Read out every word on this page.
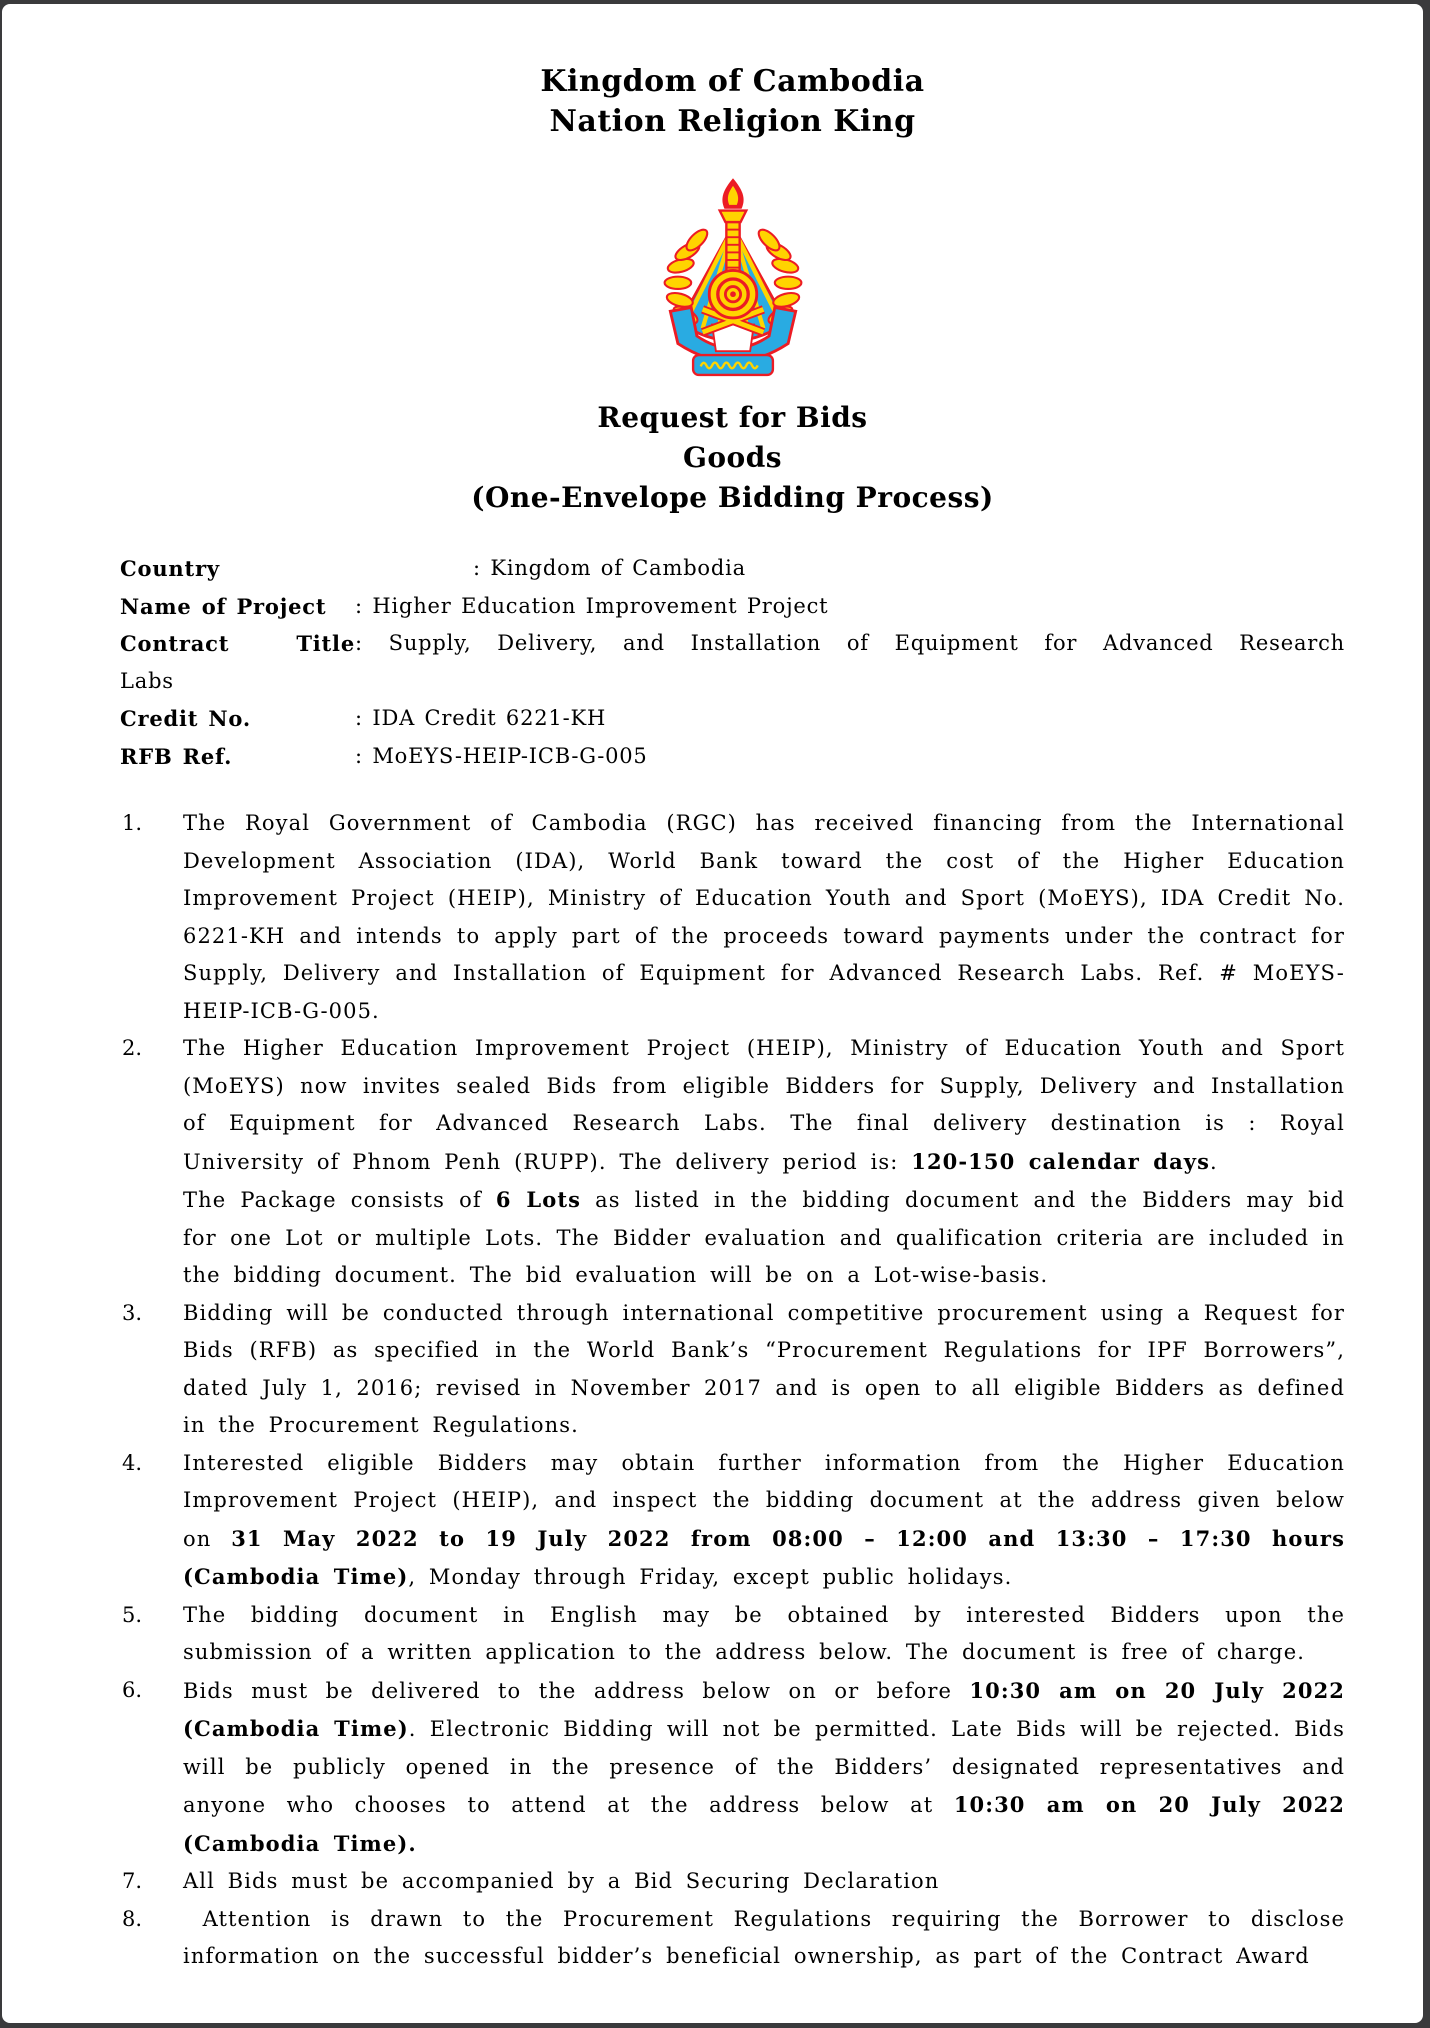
Kingdom of Cambodia
Nation Religion King
Request for Bids
Goods
(One-Envelope Bidding Process)
Country	: Kingdom of Cambodia
Name of Project : Higher Education Improvement Project
Contract Title: Supply, Delivery, and Installation of Equipment for Advanced Research
Labs
Credit No.	: IDA Credit 6221-KH
RFB Ref.	: MoEYS-HEIP-ICB-G-005
1. The Royal Government of Cambodia (RGC) has received financing from the International Development Association (IDA), World Bank toward the cost of the Higher Education Improvement Project (HEIP), Ministry of Education Youth and Sport (MoEYS), IDA Credit No. 6221-KH and intends to apply part of the proceeds toward payments under the contract for Supply, Delivery and Installation of Equipment for Advanced Research Labs. Ref. # MoEYS-HEIP-ICB-G-005.
2. The Higher Education Improvement Project (HEIP), Ministry of Education Youth and Sport (MoEYS) now invites sealed Bids from eligible Bidders for Supply, Delivery and Installation of Equipment for Advanced Research Labs. The final delivery destination is : Royal University of Phnom Penh (RUPP). The delivery period is: 120-150 calendar days.
The Package consists of 6 Lots as listed in the bidding document and the Bidders may bid for one Lot or multiple Lots. The Bidder evaluation and qualification criteria are included in the bidding document. The bid evaluation will be on a Lot-wise-basis.
3. Bidding will be conducted through international competitive procurement using a Request for Bids (RFB) as specified in the World Bank’s “Procurement Regulations for IPF Borrowers”, dated July 1, 2016; revised in November 2017 and is open to all eligible Bidders as defined in the Procurement Regulations.
4. Interested eligible Bidders may obtain further information from the Higher Education Improvement Project (HEIP), and inspect the bidding document at the address given below on 31 May 2022 to 19 July 2022 from 08:00 – 12:00 and 13:30 – 17:30 hours (Cambodia Time), Monday through Friday, except public holidays.
5. The bidding document in English may be obtained by interested Bidders upon the submission of a written application to the address below. The document is free of charge.
6. Bids must be delivered to the address below on or before 10:30 am on 20 July 2022 (Cambodia Time). Electronic Bidding will not be permitted. Late Bids will be rejected. Bids will be publicly opened in the presence of the Bidders’ designated representatives and anyone who chooses to attend at the address below at 10:30 am on 20 July 2022 (Cambodia Time).
7. All Bids must be accompanied by a Bid Securing Declaration
8. Attention is drawn to the Procurement Regulations requiring the Borrower to disclose information on the successful bidder’s beneficial ownership, as part of the Contract Award
